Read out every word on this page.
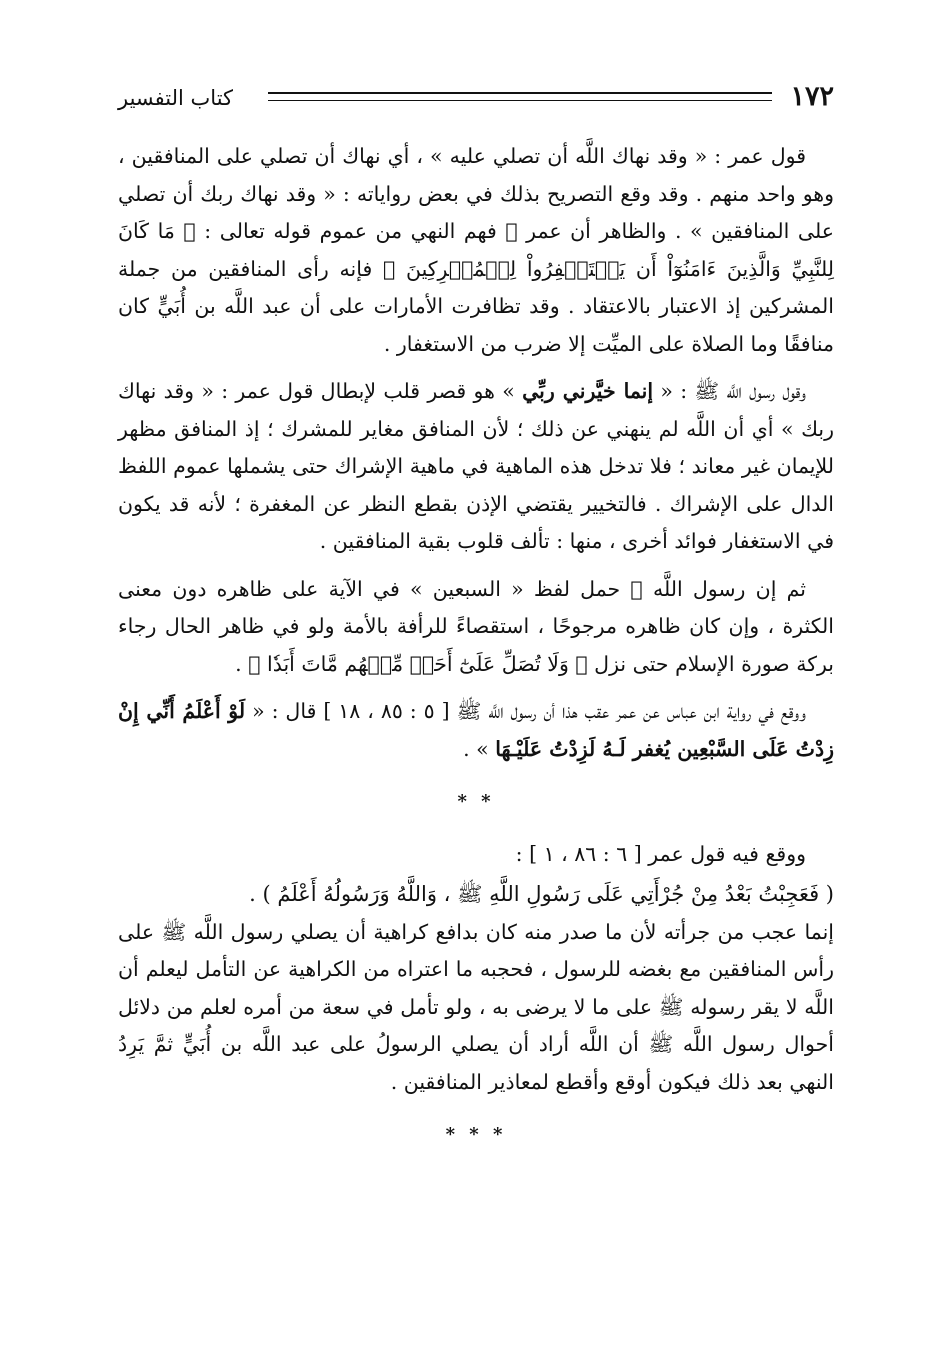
١٧٢
كتاب التفسير

قول عمر : « وقد نهاك اللَّه أن تصلي عليه » ، أي نهاك أن تصلي على المنافقين ، وهو واحد منهم . وقد وقع التصريح بذلك في بعض رواياته : « وقد نهاك ربك أن تصلي على المنافقين » . والظاهر أن عمر ﷺ فهم النهي من عموم قوله تعالى : ﴿ مَا كَانَ لِلنَّبِيِّ وَالَّذِينَ ءَامَنُوٓاْ أَن يَسۡتَغۡفِرُواْ لِلۡمُشۡرِكِينَ ﴾ فإنه رأى المنافقين من جملة المشركين إذ الاعتبار بالاعتقاد . وقد تظافرت الأمارات على أن عبد اللَّه بن أُبَيٍّ كان منافقًا وما الصلاة على الميِّت إلا ضرب من الاستغفار .

وقول رسول اللَّه ﷺ : « إنما خيَّرني ربِّي » هو قصر قلب لإبطال قول عمر : « وقد نهاك ربك » أي أن اللَّه لم ينهني عن ذلك ؛ لأن المنافق مغاير للمشرك ؛ إذ المنافق مظهر للإيمان غير معاند ؛ فلا تدخل هذه الماهية في ماهية الإشراك حتى يشملها عموم اللفظ الدال على الإشراك . فالتخيير يقتضي الإذن بقطع النظر عن المغفرة ؛ لأنه قد يكون في الاستغفار فوائد أخرى ، منها : تألف قلوب بقية المنافقين .

ثم إن رسول اللَّه ﷺ حمل لفظ « السبعين » في الآية على ظاهره دون معنى الكثرة ، وإن كان ظاهره مرجوحًا ، استقصاءً للرأفة بالأمة ولو في ظاهر الحال رجاء بركة صورة الإسلام حتى نزل ﴿ وَلَا تُصَلِّ عَلَىٰٓ أَحَدٖ مِّنۡهُم مَّاتَ أَبَدٗا ﴾ .

ووقع في رواية ابن عباس عن عمر عقب هذا أن رسول اللَّه ﷺ [ ٥ : ٨٥ ، ١٨ ] قال : « لَوْ أَعْلَمُ أَنِّي إِنْ زِدْتُ عَلَى السَّبْعِين يُغفر لَـهُ لَزِدْتُ عَلَيْـهَا » .

* *

ووقع فيه قول عمر [ ٦ : ٨٦ ، ١ ] :

( فَعَجِبْتُ بَعْدُ مِنْ جُرْأَتِي عَلَى رَسُولِ اللَّهِ ﷺ ، وَاللَّهُ وَرَسُولُهُ أَعْلَمُ ) .

إنما عجب من جرأته لأن ما صدر منه كان بدافع كراهية أن يصلي رسول اللَّه ﷺ على رأس المنافقين مع بغضه للرسول ، فحجبه ما اعتراه من الكراهية عن التأمل ليعلم أن اللَّه لا يقر رسوله ﷺ على ما لا يرضى به ، ولو تأمل في سعة من أمره لعلم من دلائل أحوال رسول اللَّه ﷺ أن اللَّه أراد أن يصلي الرسولُ على عبد اللَّه بن أُبَيٍّ ثمَّ يَرِدُ النهي بعد ذلك فيكون أوقع وأقطع لمعاذير المنافقين .

* * *
